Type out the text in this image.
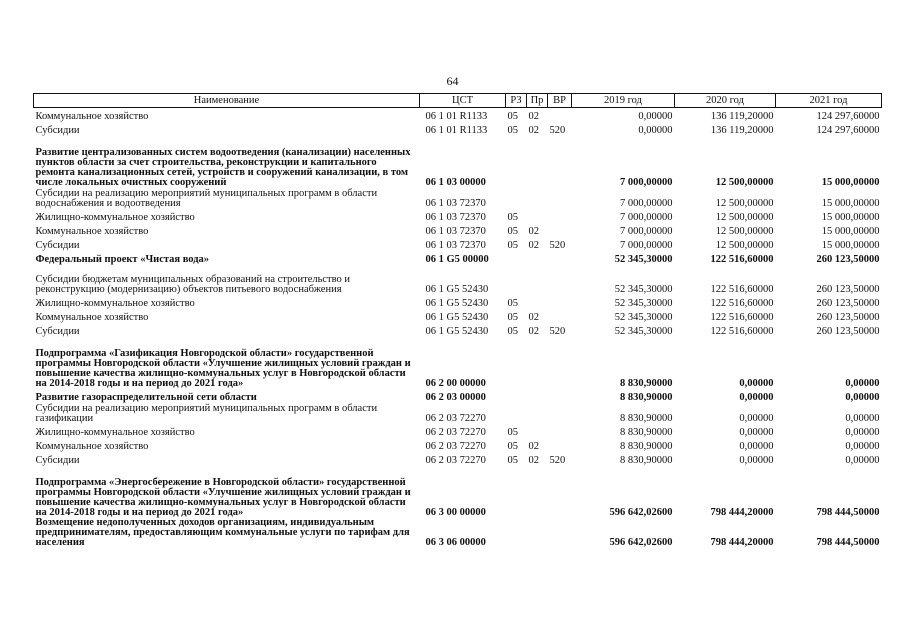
64
Наименование	ЦСТ	РЗ	Пр	ВР	2019 год	2020 год	2021 год
Коммунальное хозяйство	06 1 01 R1133	05	02		0,00000	136 119,20000	124 297,60000
Субсидии	06 1 01 R1133	05	02	520	0,00000	136 119,20000	124 297,60000
Развитие централизованных систем водоотведения (канализации) населенных пунктов области за счет строительства, реконструкции и капитального ремонта канализационных сетей, устройств и сооружений канализации, в том числе локальных очистных сооружений	06 1 03 00000				7 000,00000	12 500,00000	15 000,00000
Субсидии на реализацию мероприятий муниципальных программ в области водоснабжения и водоотведения	06 1 03 72370				7 000,00000	12 500,00000	15 000,00000
Жилищно-коммунальное хозяйство	06 1 03 72370	05			7 000,00000	12 500,00000	15 000,00000
Коммунальное хозяйство	06 1 03 72370	05	02		7 000,00000	12 500,00000	15 000,00000
Субсидии	06 1 03 72370	05	02	520	7 000,00000	12 500,00000	15 000,00000
Федеральный проект «Чистая вода»	06 1 G5 00000				52 345,30000	122 516,60000	260 123,50000
Субсидии бюджетам муниципальных образований на строительство и реконструкцию (модернизацию) объектов питьевого водоснабжения	06 1 G5 52430				52 345,30000	122 516,60000	260 123,50000
Жилищно-коммунальное хозяйство	06 1 G5 52430	05			52 345,30000	122 516,60000	260 123,50000
Коммунальное хозяйство	06 1 G5 52430	05	02		52 345,30000	122 516,60000	260 123,50000
Субсидии	06 1 G5 52430	05	02	520	52 345,30000	122 516,60000	260 123,50000
Подпрограмма «Газификация Новгородской области» государственной программы Новгородской области «Улучшение жилищных условий граждан и повышение качества жилищно-коммунальных услуг в Новгородской области на 2014-2018 годы и на период до 2021 года»	06 2 00 00000				8 830,90000	0,00000	0,00000
Развитие газораспределительной сети области	06 2 03 00000				8 830,90000	0,00000	0,00000
Субсидии на реализацию мероприятий муниципальных программ в области газификации	06 2 03 72270				8 830,90000	0,00000	0,00000
Жилищно-коммунальное хозяйство	06 2 03 72270	05			8 830,90000	0,00000	0,00000
Коммунальное хозяйство	06 2 03 72270	05	02		8 830,90000	0,00000	0,00000
Субсидии	06 2 03 72270	05	02	520	8 830,90000	0,00000	0,00000
Подпрограмма «Энергосбережение в Новгородской области» государственной программы Новгородской области «Улучшение жилищных условий граждан и повышение качества жилищно-коммунальных услуг в Новгородской области на 2014-2018 годы и на период до 2021 года»	06 3 00 00000				596 642,02600	798 444,20000	798 444,50000
Возмещение недополученных доходов организациям, индивидуальным предпринимателям, предоставляющим коммунальные услуги по тарифам для населения	06 3 06 00000				596 642,02600	798 444,20000	798 444,50000
